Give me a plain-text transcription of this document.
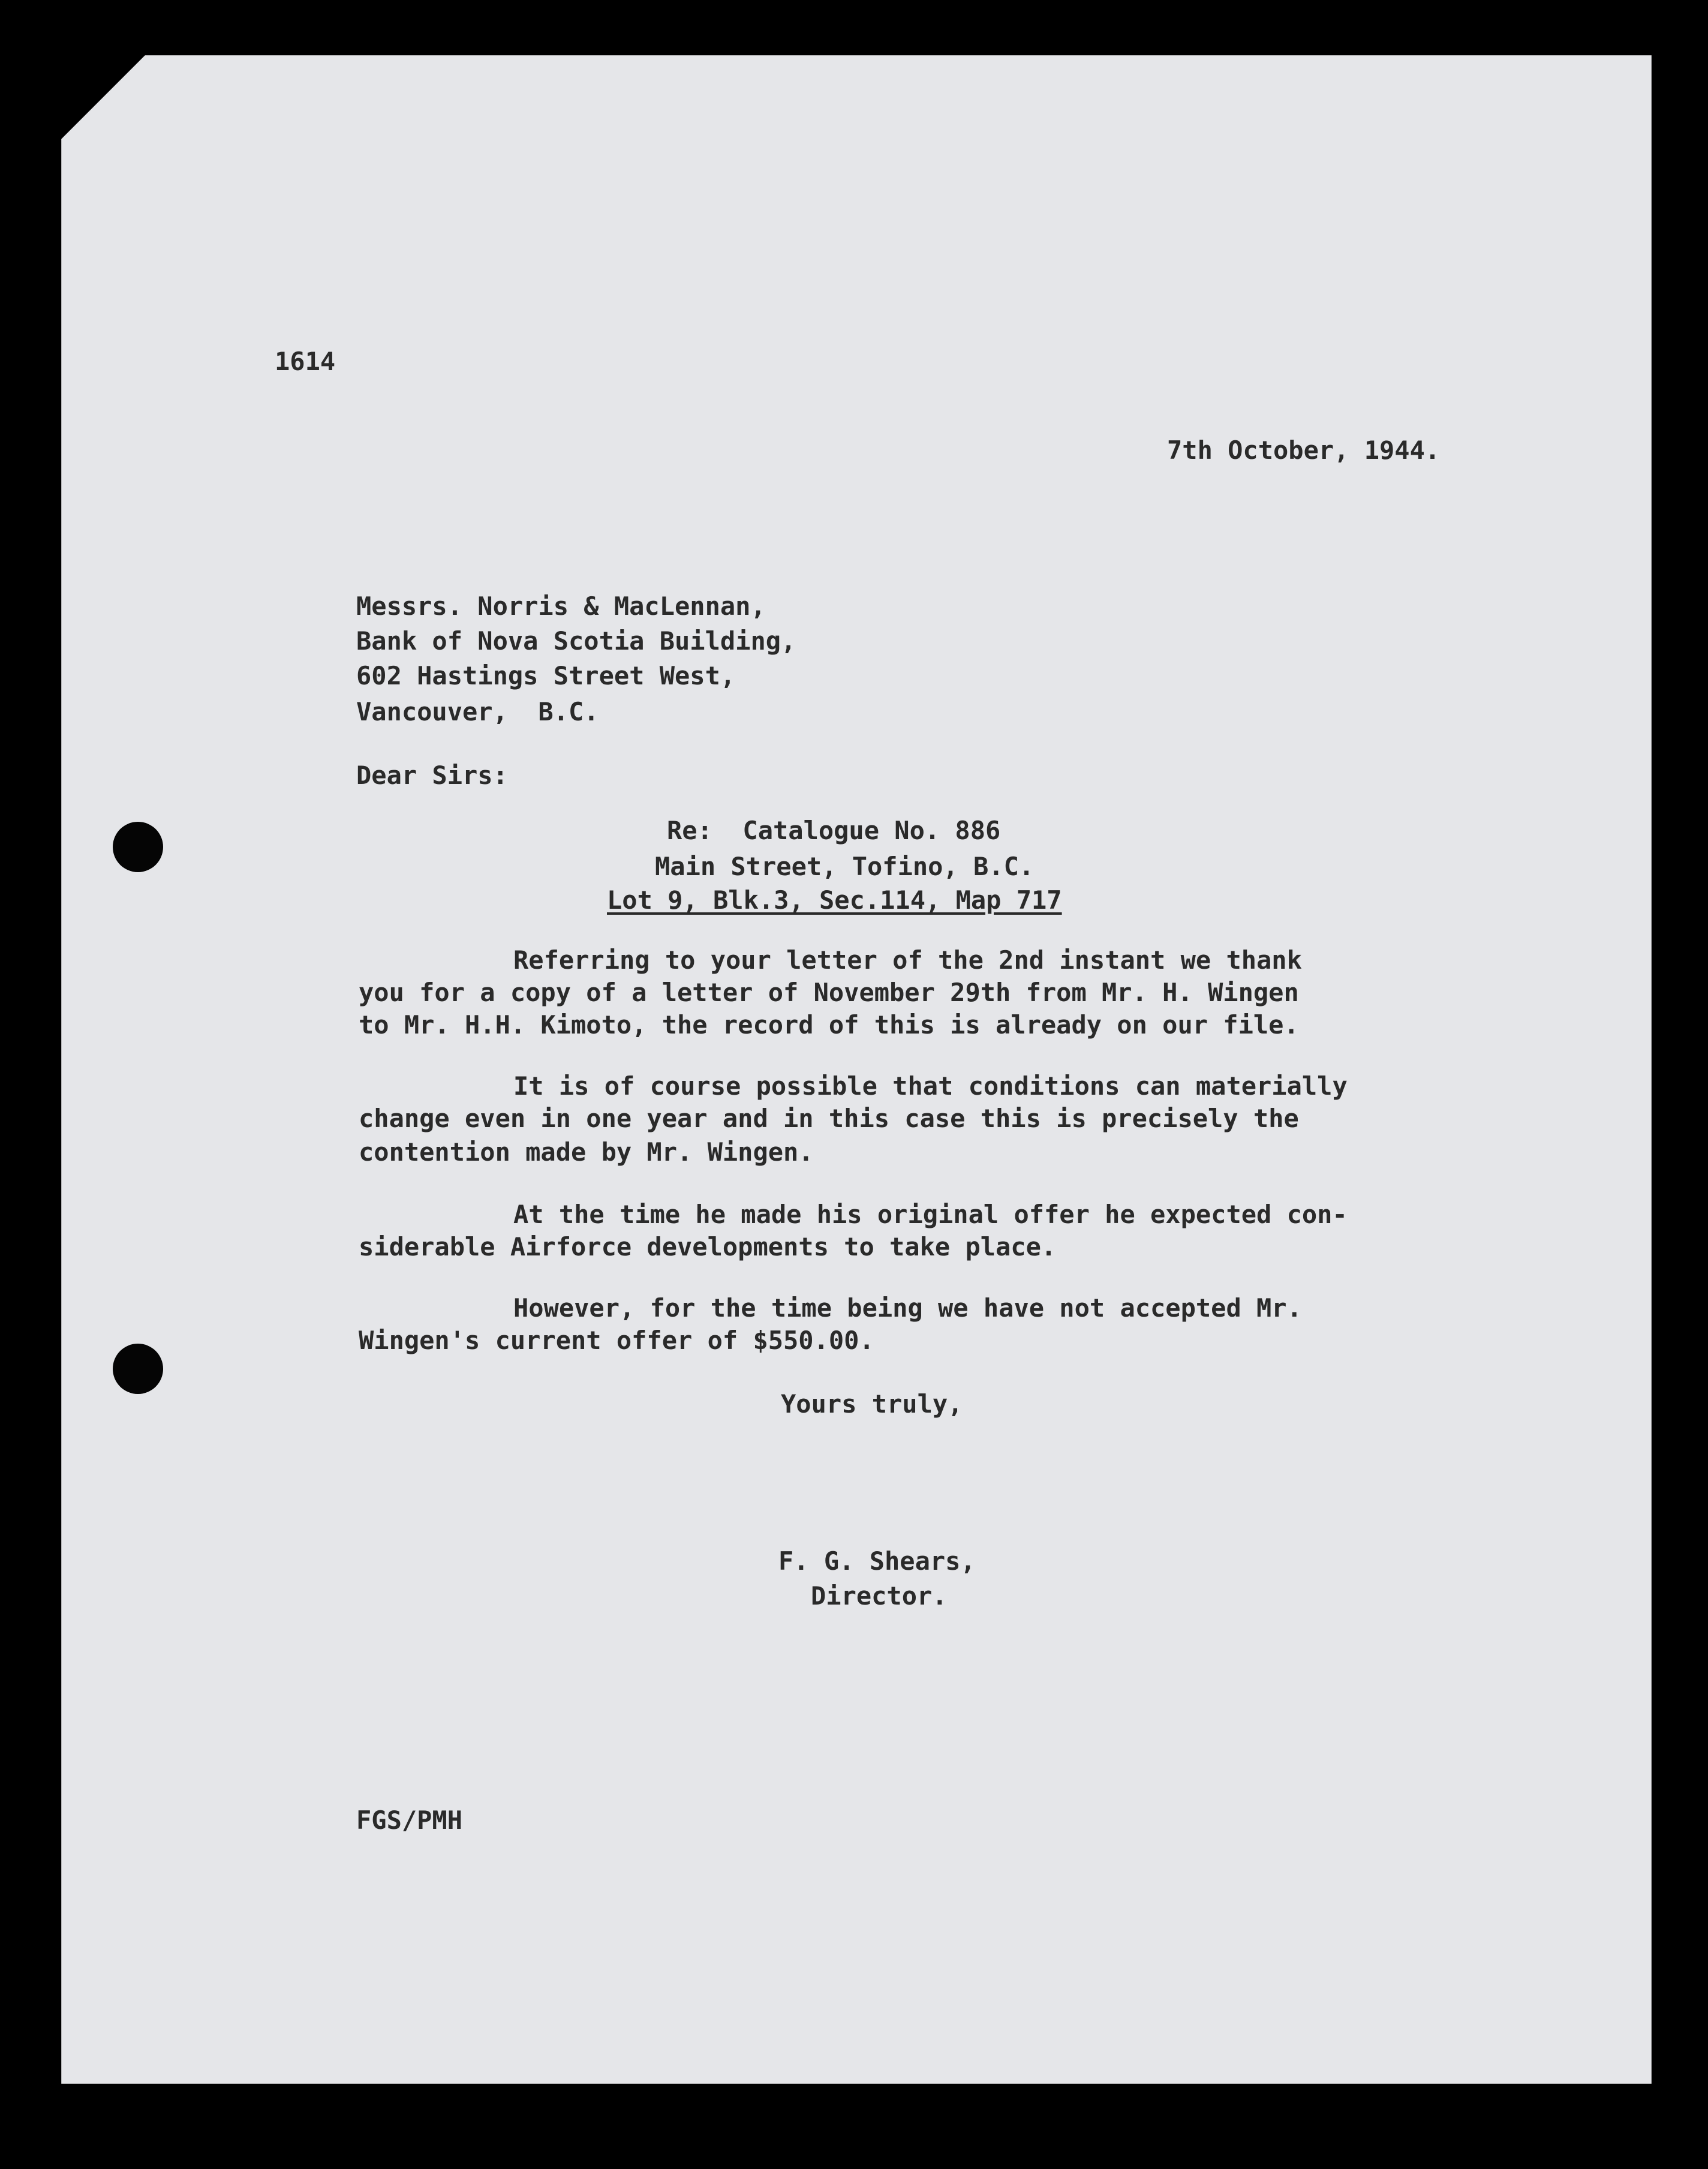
1614
7th October, 1944.
Messrs. Norris & MacLennan,
Bank of Nova Scotia Building,
602 Hastings Street West,
Vancouver,  B.C.
Dear Sirs:
Re:  Catalogue No. 886
Main Street, Tofino, B.C.
Lot 9, Blk.3, Sec.114, Map 717
Referring to your letter of the 2nd instant we thank
you for a copy of a letter of November 29th from Mr. H. Wingen
to Mr. H.H. Kimoto, the record of this is already on our file.
It is of course possible that conditions can materially
change even in one year and in this case this is precisely the
contention made by Mr. Wingen.
At the time he made his original offer he expected con-
siderable Airforce developments to take place.
However, for the time being we have not accepted Mr.
Wingen's current offer of $550.00.
Yours truly,
F. G. Shears,
Director.
FGS/PMH
